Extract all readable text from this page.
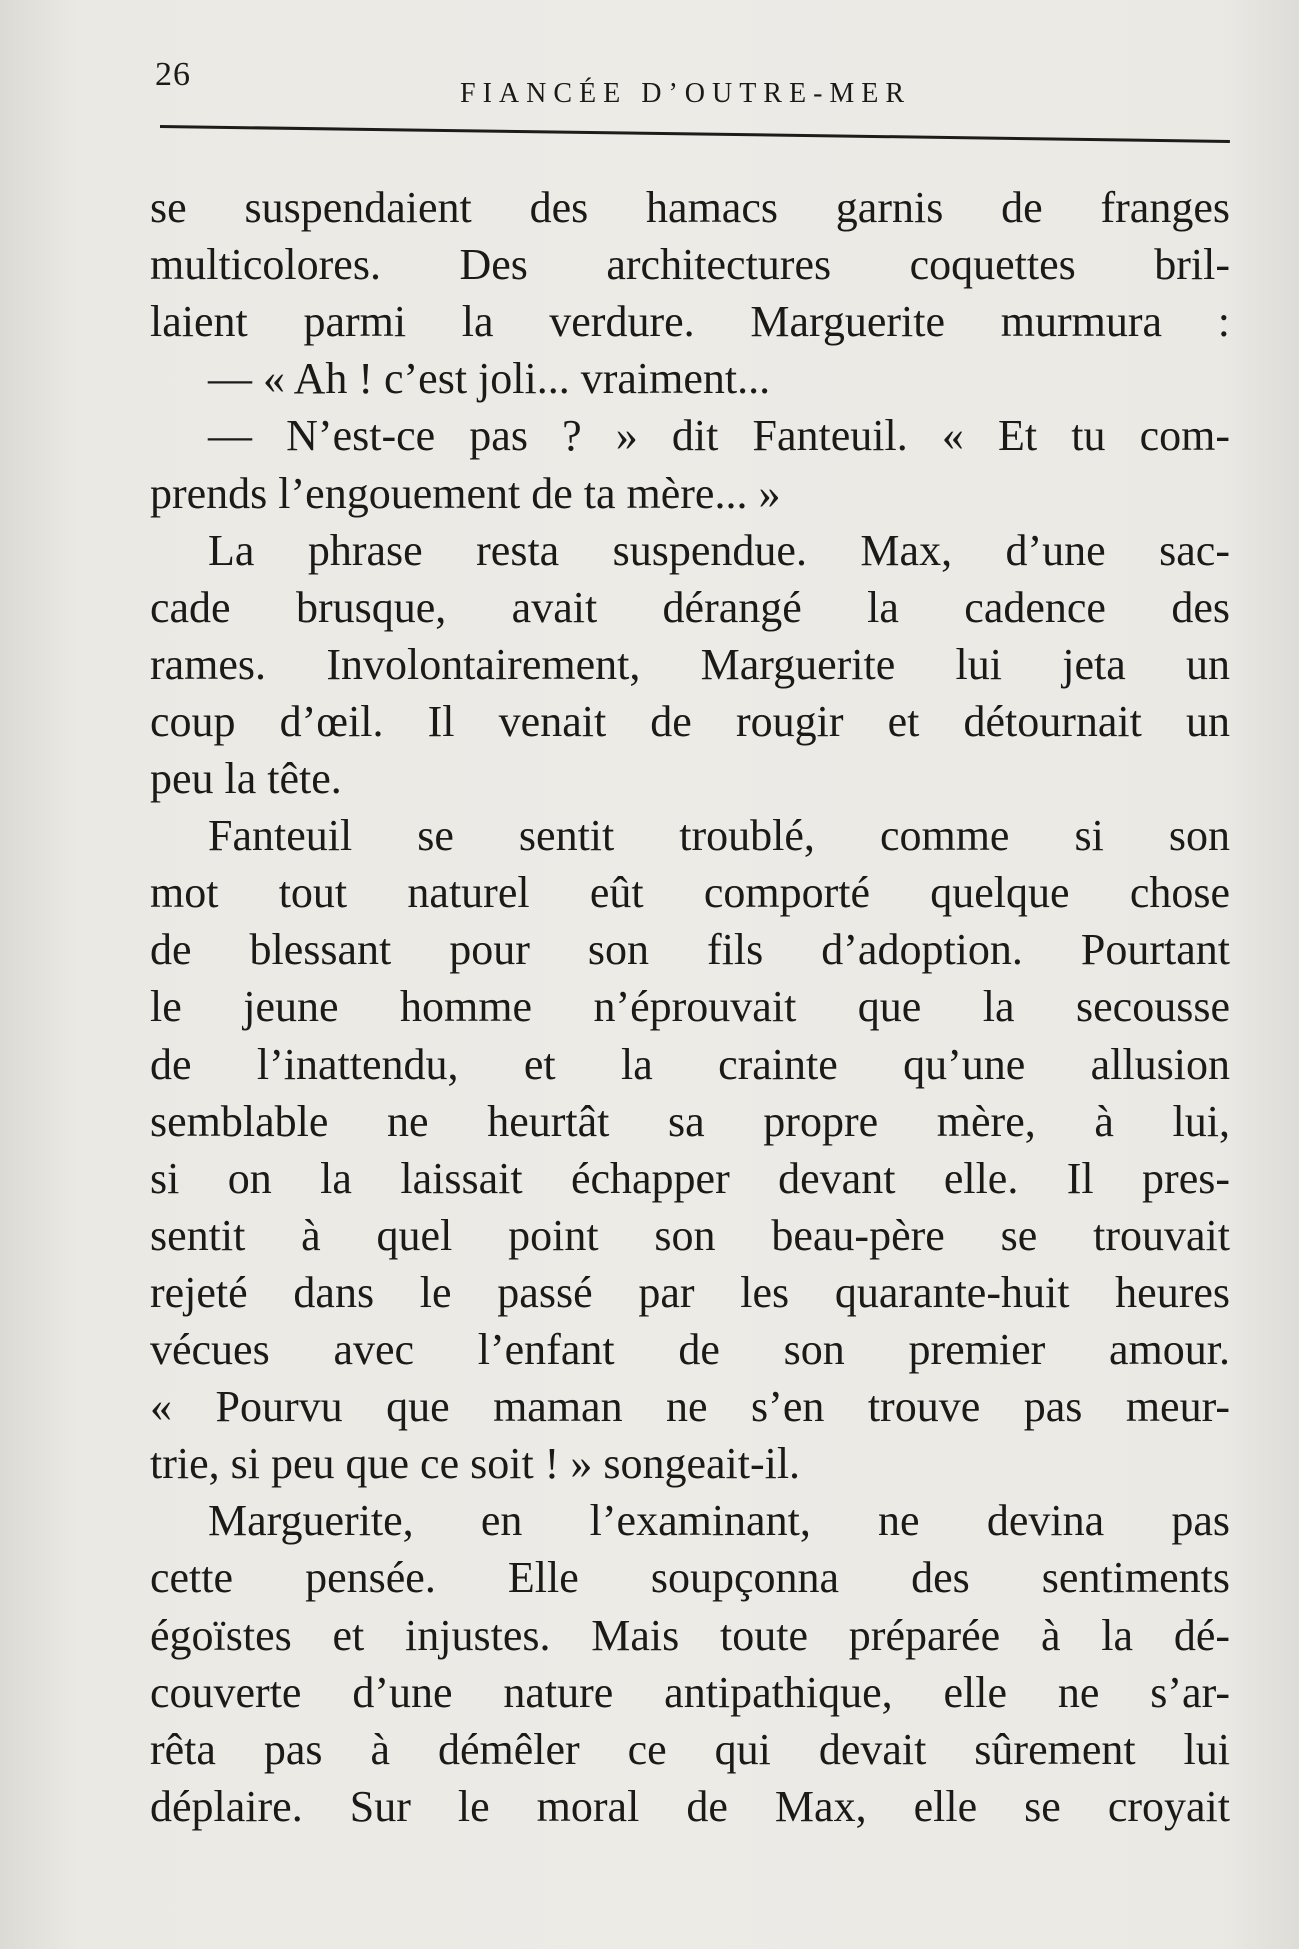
26
FIANCÉE D’OUTRE-MER
se suspendaient des hamacs garnis de franges
multicolores. Des architectures coquettes bril-
laient parmi la verdure. Marguerite murmura :
— « Ah ! c’est joli... vraiment...
— N’est-ce pas ? » dit Fanteuil. « Et tu com-
prends l’engouement de ta mère... »
La phrase resta suspendue. Max, d’une sac-
cade brusque, avait dérangé la cadence des
rames. Involontairement, Marguerite lui jeta un
coup d’œil. Il venait de rougir et détournait un
peu la tête.
Fanteuil se sentit troublé, comme si son
mot tout naturel eût comporté quelque chose
de blessant pour son fils d’adoption. Pourtant
le jeune homme n’éprouvait que la secousse
de l’inattendu, et la crainte qu’une allusion
semblable ne heurtât sa propre mère, à lui,
si on la laissait échapper devant elle. Il pres-
sentit à quel point son beau-père se trouvait
rejeté dans le passé par les quarante-huit heures
vécues avec l’enfant de son premier amour.
« Pourvu que maman ne s’en trouve pas meur-
trie, si peu que ce soit ! » songeait-il.
Marguerite, en l’examinant, ne devina pas
cette pensée. Elle soupçonna des sentiments
égoïstes et injustes. Mais toute préparée à la dé-
couverte d’une nature antipathique, elle ne s’ar-
rêta pas à démêler ce qui devait sûrement lui
déplaire. Sur le moral de Max, elle se croyait
